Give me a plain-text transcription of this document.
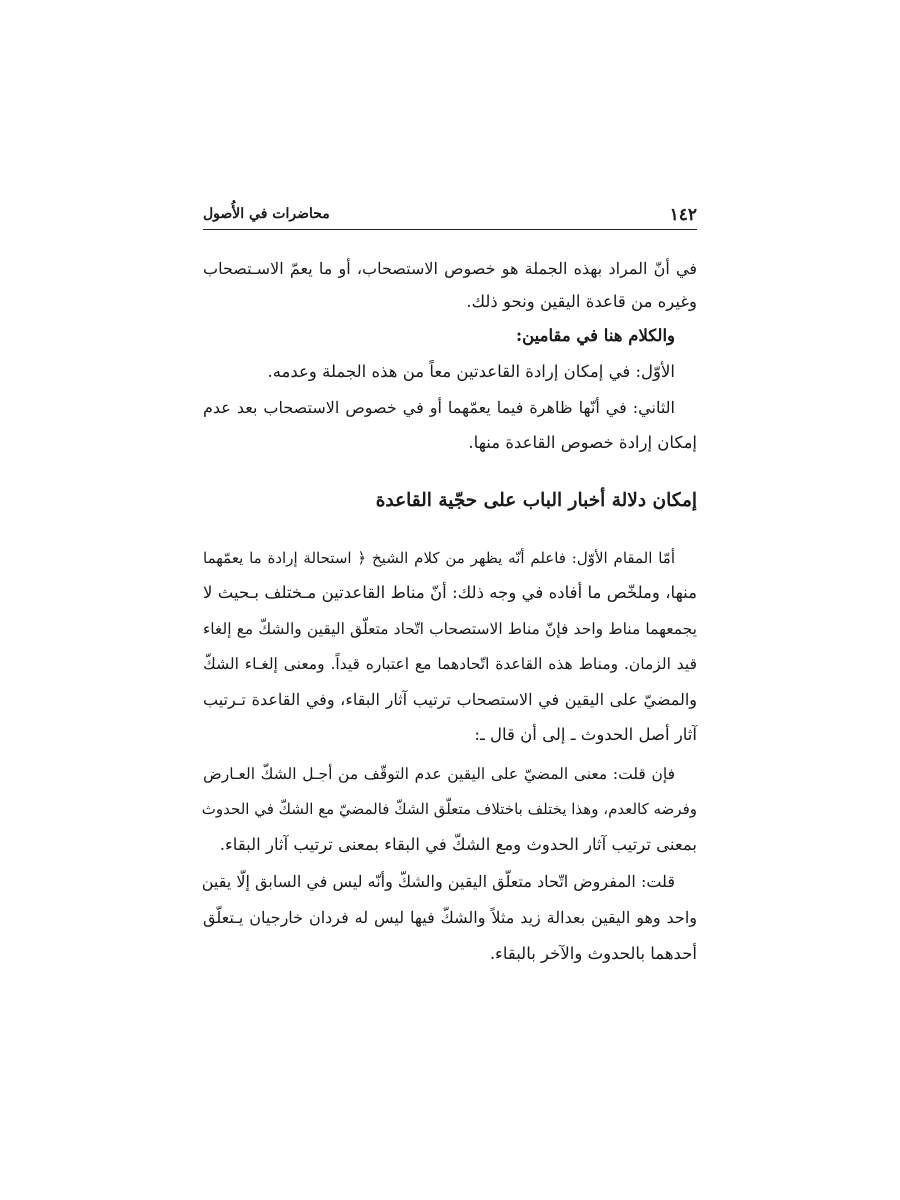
١٤٢
محاضرات في الأُصول
في أنّ المراد بهذه الجملة هو خصوص الاستصحاب، أو ما يعمّ الاسـتصحاب
وغيره من قاعدة اليقين ونحو ذلك.
والكلام هنا في مقامين:
الأوّل: في إمكان إرادة القاعدتين معاً من هذه الجملة وعدمه.
الثاني: في أنّها ظاهرة فيما يعمّهما أو في خصوص الاستصحاب بعد عدم
إمكان إرادة خصوص القاعدة منها.
إمكان دلالة أخبار الباب على حجّية القاعدة
أمّا المقام الأوّل: فاعلم أنّه يظهر من كلام الشيخ ﴿ استحالة إرادة ما يعمّهما
منها، وملخّص ما أفاده في وجه ذلك: أنّ مناط القاعدتين مـختلف بـحيث لا
يجمعهما مناط واحد فإنّ مناط الاستصحاب اتّحاد متعلّق اليقين والشكّ مع إلغاء
قيد الزمان. ومناط هذه القاعدة اتّحادهما مع اعتباره قيداً. ومعنى إلغـاء الشكّ
والمضيّ على اليقين في الاستصحاب ترتيب آثار البقاء، وفي القاعدة تـرتيب
آثار أصل الحدوث ـ إلى أن قال ـ:
فإن قلت: معنى المضيّ على اليقين عدم التوقّف من أجـل الشكّ العـارض
وفرضه كالعدم، وهذا يختلف باختلاف متعلّق الشكّ فالمضيّ مع الشكّ في الحدوث
بمعنى ترتيب آثار الحدوث ومع الشكّ في البقاء بمعنى ترتيب آثار البقاء.
قلت: المفروض اتّحاد متعلّق اليقين والشكّ وأنّه ليس في السابق إلّا يقين
واحد وهو اليقين بعدالة زيد مثلاً والشكّ فيها ليس له فردان خارجيان يـتعلّق
أحدهما بالحدوث والآخر بالبقاء.
